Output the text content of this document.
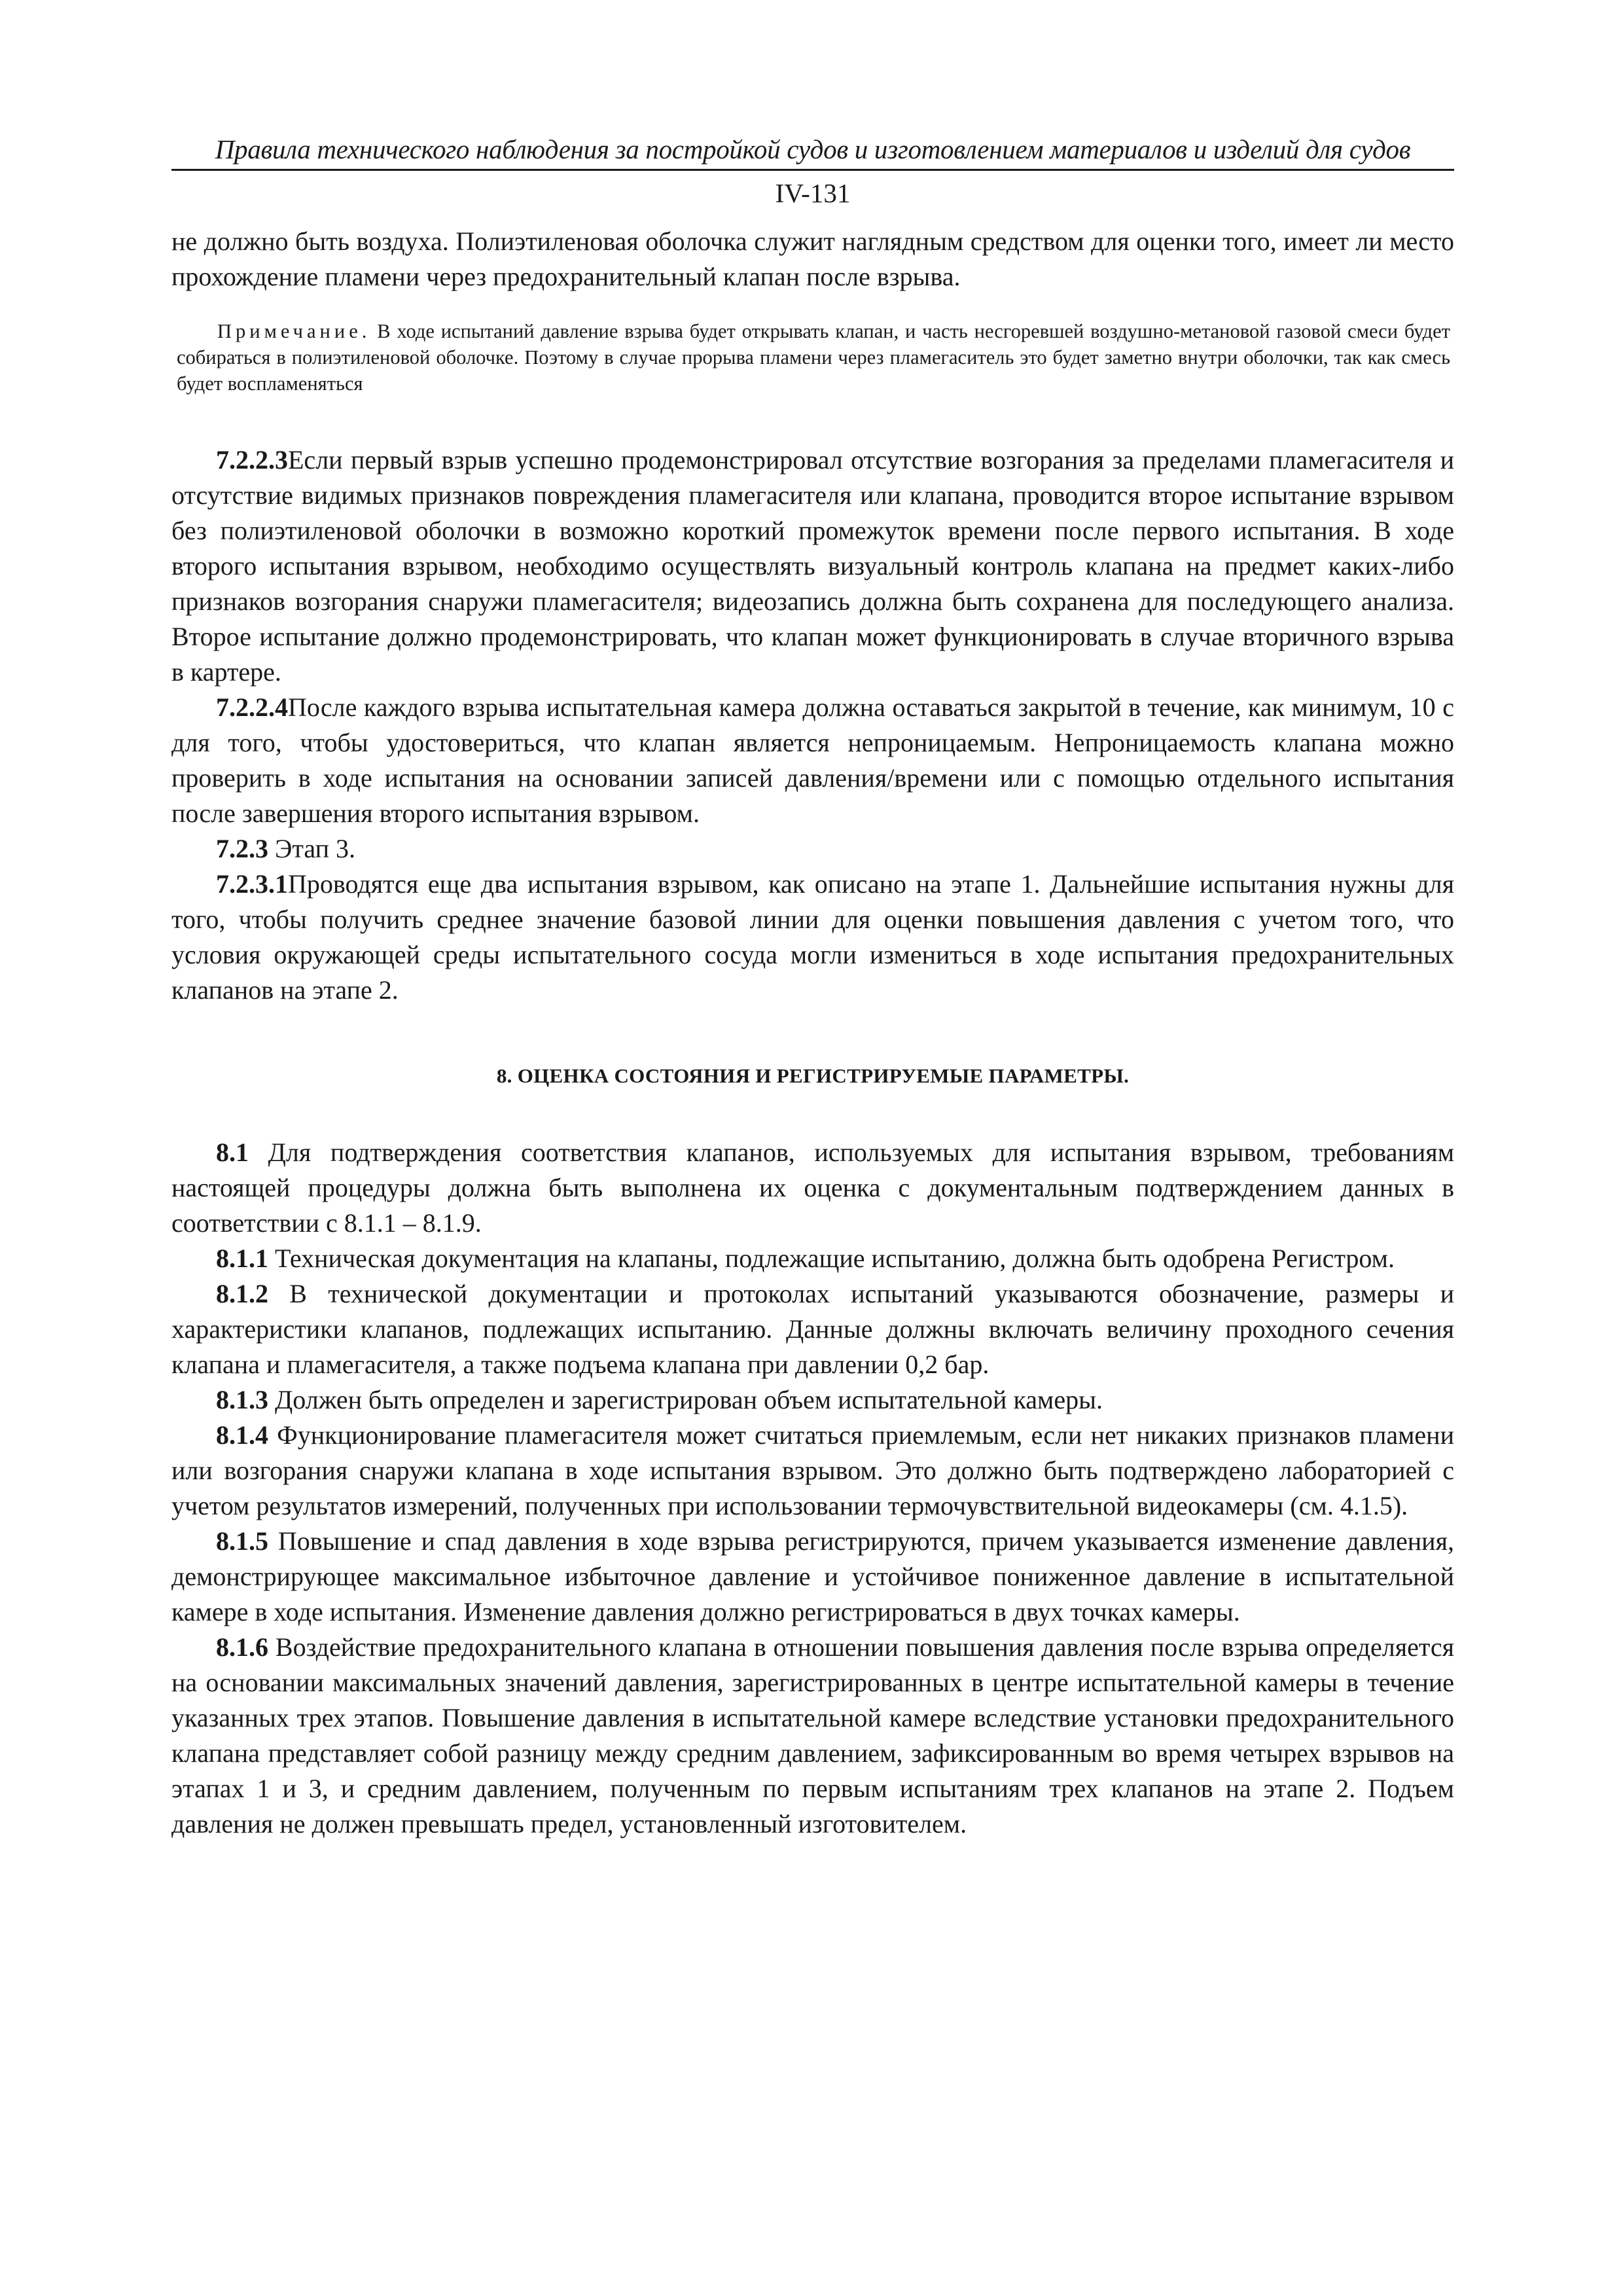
Правила технического наблюдения за постройкой судов и изготовлением материалов и изделий для судов
IV-131

не должно быть воздуха. Полиэтиленовая оболочка служит наглядным средством для оценки того, имеет ли место прохождение пламени через предохранительный клапан после взрыва.

Примечание. В ходе испытаний давление взрыва будет открывать клапан, и часть несгоревшей воздушно-метановой газовой смеси будет собираться в полиэтиленовой оболочке. Поэтому в случае прорыва пламени через пламегаситель это будет заметно внутри оболочки, так как смесь будет воспламеняться

7.2.2.3Если первый взрыв успешно продемонстрировал отсутствие возгорания за пределами пламегасителя и отсутствие видимых признаков повреждения пламегасителя или клапана, проводится второе испытание взрывом без полиэтиленовой оболочки в возможно короткий промежуток времени после первого испытания. В ходе второго испытания взрывом, необходимо осуществлять визуальный контроль клапана на предмет каких-либо признаков возгорания снаружи пламегасителя; видеозапись должна быть сохранена для последующего анализа. Второе испытание должно продемонстрировать, что клапан может функционировать в случае вторичного взрыва в картере.

7.2.2.4После каждого взрыва испытательная камера должна оставаться закрытой в течение, как минимум, 10 с для того, чтобы удостовериться, что клапан является непроницаемым. Непроницаемость клапана можно проверить в ходе испытания на основании записей давления/времени или с помощью отдельного испытания после завершения второго испытания взрывом.

7.2.3 Этап 3.

7.2.3.1Проводятся еще два испытания взрывом, как описано на этапе 1. Дальнейшие испытания нужны для того, чтобы получить среднее значение базовой линии для оценки повышения давления с учетом того, что условия окружающей среды испытательного сосуда могли измениться в ходе испытания предохранительных клапанов на этапе 2.

8. ОЦЕНКА СОСТОЯНИЯ И РЕГИСТРИРУЕМЫЕ ПАРАМЕТРЫ.

8.1 Для подтверждения соответствия клапанов, используемых для испытания взрывом, требованиям настоящей процедуры должна быть выполнена их оценка с документальным подтверждением данных в соответствии с 8.1.1 – 8.1.9.

8.1.1 Техническая документация на клапаны, подлежащие испытанию, должна быть одобрена Регистром.

8.1.2 В технической документации и протоколах испытаний указываются обозначение, размеры и характеристики клапанов, подлежащих испытанию. Данные должны включать величину проходного сечения клапана и пламегасителя, а также подъема клапана при давлении 0,2 бар.

8.1.3 Должен быть определен и зарегистрирован объем испытательной камеры.

8.1.4 Функционирование пламегасителя может считаться приемлемым, если нет никаких признаков пламени или возгорания снаружи клапана в ходе испытания взрывом. Это должно быть подтверждено лабораторией с учетом результатов измерений, полученных при использовании термочувствительной видеокамеры (см. 4.1.5).

8.1.5 Повышение и спад давления в ходе взрыва регистрируются, причем указывается изменение давления, демонстрирующее максимальное избыточное давление и устойчивое пониженное давление в испытательной камере в ходе испытания. Изменение давления должно регистрироваться в двух точках камеры.

8.1.6 Воздействие предохранительного клапана в отношении повышения давления после взрыва определяется на основании максимальных значений давления, зарегистрированных в центре испытательной камеры в течение указанных трех этапов. Повышение давления в испытательной камере вследствие установки предохранительного клапана представляет собой разницу между средним давлением, зафиксированным во время четырех взрывов на этапах 1 и 3, и средним давлением, полученным по первым испытаниям трех клапанов на этапе 2. Подъем давления не должен превышать предел, установленный изготовителем.
